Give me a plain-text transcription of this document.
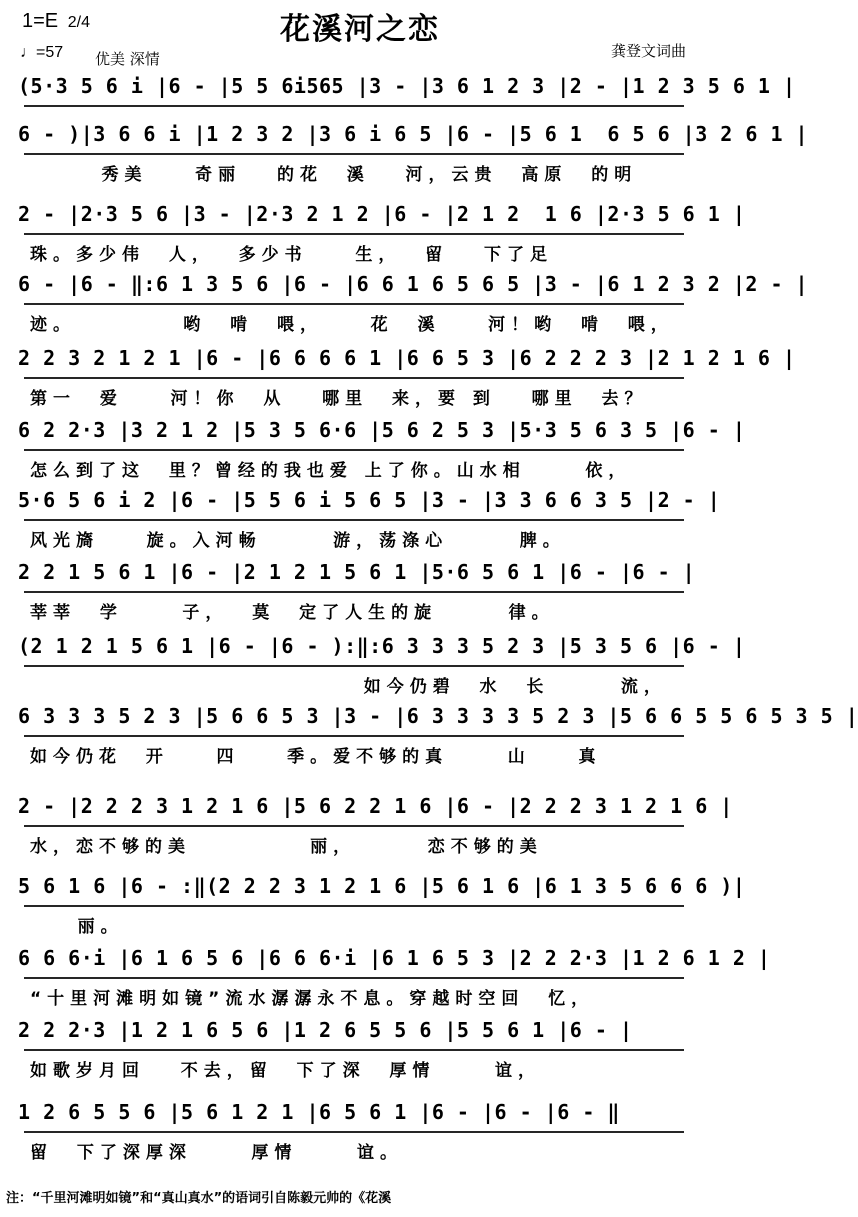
1=E 2/4	花溪河之恋
♩=57 优美 深情	龚登文词曲
(5·3 5 6 i |6 - |5 5 6i565 |3 - |3 6 1 2 3 |2 - |1 2 3 5 6 1 |
6 - )|3 6 6 i |1 2 3 2 |3 6 i 6 5 |6 - |5 6 1  6 5 6 |3 2 6 1 |
秀美    奇丽   的花  溪   河，云贵  高原  的明
2 - |2·3 5 6 |3 - |2·3 2 1 2 |6 - |2 1 2  1 6 |2·3 5 6 1 |
珠。多少伟  人，  多少书    生，  留   下了足
6 - |6 - ‖:6 1 3 5 6 |6 - |6 6 1 6 5 6 5 |3 - |6 1 2 3 2 |2 - |
迹。         哟  啃  喂，    花  溪    河！哟  啃  喂，
2 2 3 2 1 2 1 |6 - |6 6 6 6 1 |6 6 5 3 |6 2 2 2 3 |2 1 2 1 6 |
第一  爱    河！你  从   哪里  来，要 到   哪里  去？
6 2 2·3 |3 2 1 2 |5 3 5 6·6 |5 6 2 5 3 |5·3 5 6 3 5 |6 - |
怎么到了这  里？曾经的我也爱 上了你。山水相     依，
5·6 5 6 i 2 |6 - |5 5 6 i 5 6 5 |3 - |3 3 6 6 3 5 |2 - |
风光旖    旋。入河畅      游，荡涤心      脾。
2 2 1 5 6 1 |6 - |2 1 2 1 5 6 1 |5·6 5 6 1 |6 - |6 - |
莘莘  学     子，  莫  定了人生的旋      律。
(2 1 2 1 5 6 1 |6 - |6 - ):‖:6 3 3 3 5 2 3 |5 3 5 6 |6 - |
如今仍碧  水  长      流，
6 3 3 3 5 2 3 |5 6 6 5 3 |3 - |6 3 3 3 3 5 2 3 |5 6 6 5 5 6 5 3 5 |
如今仍花  开    四    季。爱不够的真     山    真
2 - |2 2 2 3 1 2 1 6 |5 6 2 2 1 6 |6 - |2 2 2 3 1 2 1 6 |
水，恋不够的美          丽，      恋不够的美
5 6 1 6 |6 - :‖(2 2 2 3 1 2 1 6 |5 6 1 6 |6 1 3 5 6 6 6 )|
丽。
6 6 6·i |6 1 6 5 6 |6 6 6·i |6 1 6 5 3 |2 2 2·3 |1 2 6 1 2 |
“十里河滩明如镜”流水潺潺永不息。穿越时空回  忆，
2 2 2·3 |1 2 1 6 5 6 |1 2 6 5 5 6 |5 5 6 1 |6 - |
如歌岁月回   不去，留  下了深  厚情     谊，
1 2 6 5 5 6 |5 6 1 2 1 |6 5 6 1 |6 - |6 - |6 - ‖
留  下了深厚深     厚情     谊。
注：“千里河滩明如镜”和“真山真水”的语词引自陈毅元帅的《花溪
